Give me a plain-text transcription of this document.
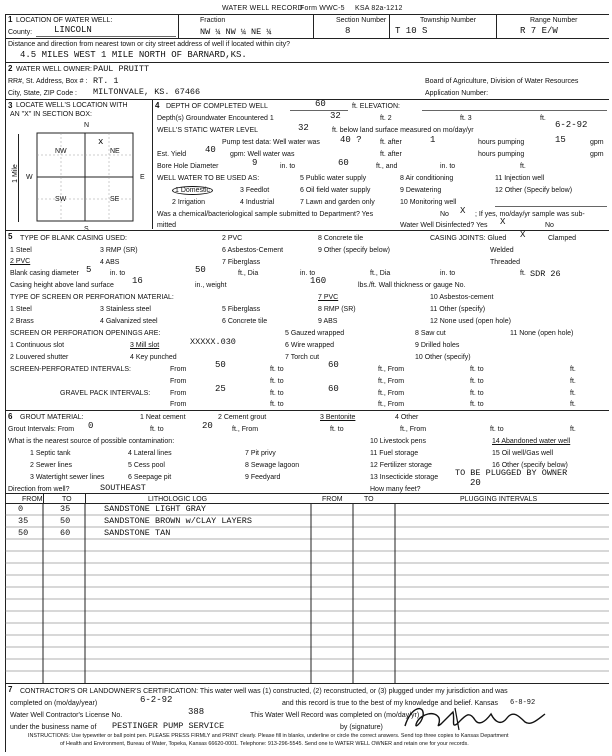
WATER WELL RECORD
Form WWC-5 KSA 82a-1212
1 LOCATION OF WATER WELL:
County: LINCOLN
Fraction
NW ¼ NW ¼ NE ¼
Section Number
8
Township Number
T 10 S
Range Number
R 7 E/W
Distance and direction from nearest town or city street address of well if located within city?
4.5 MILES WEST 1 MILE NORTH OF BARNARD,KS.
2 WATER WELL OWNER: PAUL PRUITT
RR#, St. Address, Box # : RT. 1	Board of Agriculture, Division of Water Resources
City, State, ZIP Code : MILTONVALE, KS. 67466	Application Number:
3 LOCATE WELL'S LOCATION WITH
AN "X" IN SECTION BOX:
x
N
S
W	E
NW	NE
SW	SE
1 Mile
4 DEPTH OF COMPLETED WELL	60	ft. ELEVATION:
Depth(s) Groundwater Encountered 1	32	ft. 2	ft. 3	ft.
WELL'S STATIC WATER LEVEL	32	ft. below land surface measured on mo/day/yr
6-2-92
Pump test data: Well water was 40 ?	ft. after	1	hours pumping	15	gpm
Est. Yield 40 gpm: Well water was	ft. after	hours pumping	gpm
Bore Hole Diameter	9	in. to	60	ft., and	in. to	ft.
WELL WATER TO BE USED AS:	5 Public water supply	8 Air conditioning	11 Injection well
1 Domestic	3 Feedlot	6 Oil field water supply	9 Dewatering	12 Other (Specify below)
2 Irrigation	4 Industrial	7 Lawn and garden only	10 Monitoring well
Was a chemical/bacteriological sample submitted to Department? Yes	No X ; If yes, mo/day/yr sample was sub-
mitted	Water Well Disinfected? Yes X	No
5 TYPE OF BLANK CASING USED:	2 PVC	8 Concrete tile	CASING JOINTS: Glued X	Clamped
1 Steel	3 RMP (SR)	6 Asbestos-Cement	9 Other (specify below)	Welded
2 PVC	4 ABS	7 Fiberglass	Threaded
Blank casing diameter 5	in. to	50	ft., Dia	in. to	ft., Dia	in. to	ft.
Casing height above land surface 16	in., weight	160	lbs./ft. Wall thickness or gauge No.
SDR 26
TYPE OF SCREEN OR PERFORATION MATERIAL:	7 PVC	10 Asbestos-cement
1 Steel	3 Stainless steel	5 Fiberglass	8 RMP (SR)	11 Other (specify)
2 Brass	4 Galvanized steel	6 Concrete tile	9 ABS	12 None used (open hole)
SCREEN OR PERFORATION OPENINGS ARE:	5 Gauzed wrapped	8 Saw cut	11 None (open hole)
1 Continuous slot	3 Mill slot	XXXXX.030	6 Wire wrapped	9 Drilled holes
2 Louvered shutter	4 Key punched	7 Torch cut	10 Other (specify)
SCREEN-PERFORATED INTERVALS:	From	50	ft. to	60	ft., From	ft. to	ft.
From	ft. to	ft., From	ft. to	ft.
GRAVEL PACK INTERVALS:	From	25	ft. to	60	ft., From	ft. to	ft.
From	ft. to	ft., From	ft. to	ft.
6 GROUT MATERIAL:	1 Neat cement	2 Cement grout	3 Bentonite	4 Other
Grout Intervals: From 0	ft. to	20	ft., From	ft. to	ft., From	ft. to	ft.
What is the nearest source of possible contamination:	10 Livestock pens	14 Abandoned water well
1 Septic tank	4 Lateral lines	7 Pit privy	11 Fuel storage	15 Oil well/Gas well
2 Sewer lines	5 Cess pool	8 Sewage lagoon	12 Fertilizer storage	16 Other (specify below)
3 Watertight sewer lines	6 Seepage pit	9 Feedyard	13 Insecticide storage TO BE PLUGGED BY OWNER
Direction from well?	SOUTHEAST	How many feet?
20
FROM	TO	LITHOLOGIC LOG	FROM	TO	PLUGGING INTERVALS
0	35	SANDSTONE LIGHT GRAY
35	50	SANDSTONE BROWN w/CLAY LAYERS
50	60	SANDSTONE TAN
7 CONTRACTOR'S OR LANDOWNER'S CERTIFICATION: This water well was (1) constructed, (2) reconstructed, or (3) plugged under my jurisdiction and was
completed on (mo/day/year)	6-2-92	and this record is true to the best of my knowledge and belief. Kansas
Water Well Contractor's License No.	388	This Water Well Record was completed on (mo/day/yr)
6-8-92
under the business name of PESTINGER PUMP SERVICE	by (signature)
INSTRUCTIONS: Use typewriter or ball point pen. PLEASE PRESS FIRMLY and PRINT clearly. Please fill in blanks, underline or circle the correct answers. Send top three copies to Kansas Department
of Health and Environment, Bureau of Water, Topeka, Kansas 66620-0001. Telephone: 913-296-5545. Send one to WATER WELL OWNER and retain one for your records.
